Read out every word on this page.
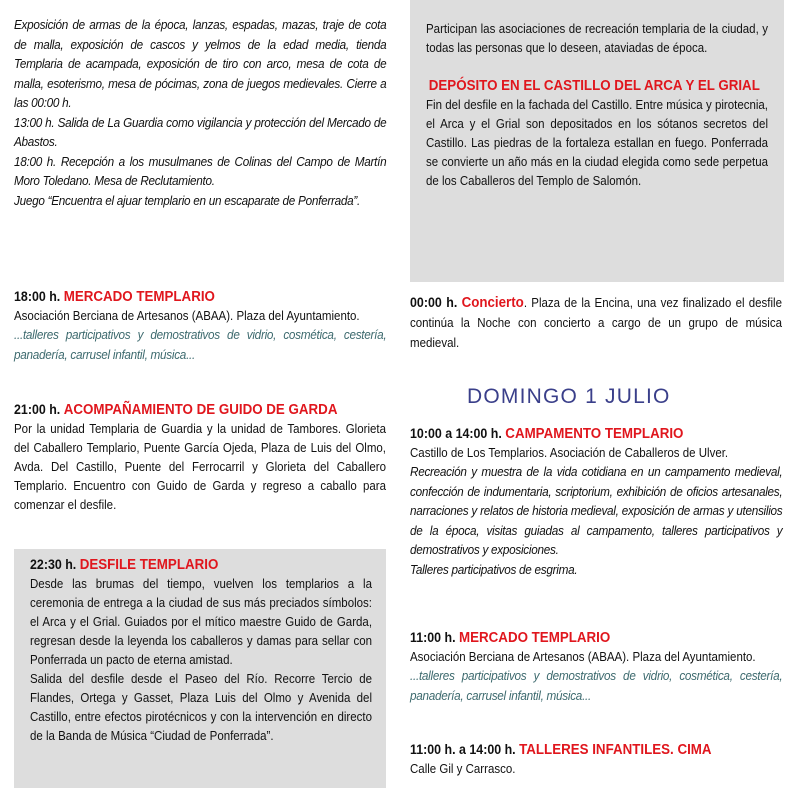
Exposición de armas de la época, lanzas, espadas, mazas, traje de cota de malla, exposición de cascos y yelmos de la edad media, tienda Templaria de acampada, exposición de tiro con arco, mesa de cota de malla, esoterismo, mesa de pócimas, zona de juegos medievales. Cierre a las 00:00 h.

13:00 h. Salida de La Guardia como vigilancia y protección del Mercado de Abastos.

18:00 h. Recepción a los musulmanes de Colinas del Campo de Martín Moro Toledano. Mesa de Reclutamiento.

Juego “Encuentra el ajuar templario en un escaparate de Ponferrada”.

18:00 h. MERCADO TEMPLARIO

Asociación Berciana de Artesanos (ABAA). Plaza del Ayuntamiento.

...talleres participativos y demostrativos de vidrio, cosmética, cestería, panadería, carrusel infantil, música...

21:00 h. ACOMPAÑAMIENTO DE GUIDO DE GARDA

Por la unidad Templaria de Guardia y la unidad de Tambores. Glorieta del Caballero Templario, Puente García Ojeda, Plaza de Luis del Olmo, Avda. Del Castillo, Puente del Ferrocarril y Glorieta del Caballero Templario. Encuentro con Guido de Garda y regreso a caballo para comenzar el desfile.

22:30 h. DESFILE TEMPLARIO

Desde las brumas del tiempo, vuelven los templarios a la ceremonia de entrega a la ciudad de sus más preciados símbolos: el Arca y el Grial. Guiados por el mítico maestre Guido de Garda, regresan desde la leyenda los caballeros y damas para sellar con Ponferrada un pacto de eterna amistad.

Salida del desfile desde el Paseo del Río. Recorre Tercio de Flandes, Ortega y Gasset, Plaza Luis del Olmo y Avenida del Castillo, entre efectos pirotécnicos y con la intervención en directo de la Banda de Música “Ciudad de Ponferrada”.

Participan las asociaciones de recreación templaria de la ciudad, y todas las personas que lo deseen, ataviadas de época.

DEPÓSITO EN EL CASTILLO DEL ARCA Y EL GRIAL

Fin del desfile en la fachada del Castillo. Entre música y pirotecnia, el Arca y el Grial son depositados en los sótanos secretos del Castillo. Las piedras de la fortaleza estallan en fuego. Ponferrada se convierte un año más en la ciudad elegida como sede perpetua de los Caballeros del Templo de Salomón.

00:00 h. Concierto. Plaza de la Encina, una vez finalizado el desfile continúa la Noche con concierto a cargo de un grupo de música medieval.

DOMINGO 1 JULIO
10:00 a 14:00 h. CAMPAMENTO TEMPLARIO

Castillo de Los Templarios. Asociación de Caballeros de Ulver.

Recreación y muestra de la vida cotidiana en un campamento medieval, confección de indumentaria, scriptorium, exhibición de oficios artesanales, narraciones y relatos de historia medieval, exposición de armas y utensilios de la época, visitas guiadas al campamento, talleres participativos y demostrativos y exposiciones.

Talleres participativos de esgrima.

11:00 h. MERCADO TEMPLARIO

Asociación Berciana de Artesanos (ABAA). Plaza del Ayuntamiento.

...talleres participativos y demostrativos de vidrio, cosmética, cestería, panadería, carrusel infantil, música...

11:00 h. a 14:00 h. TALLERES INFANTILES. CIMA

Calle Gil y Carrasco.
